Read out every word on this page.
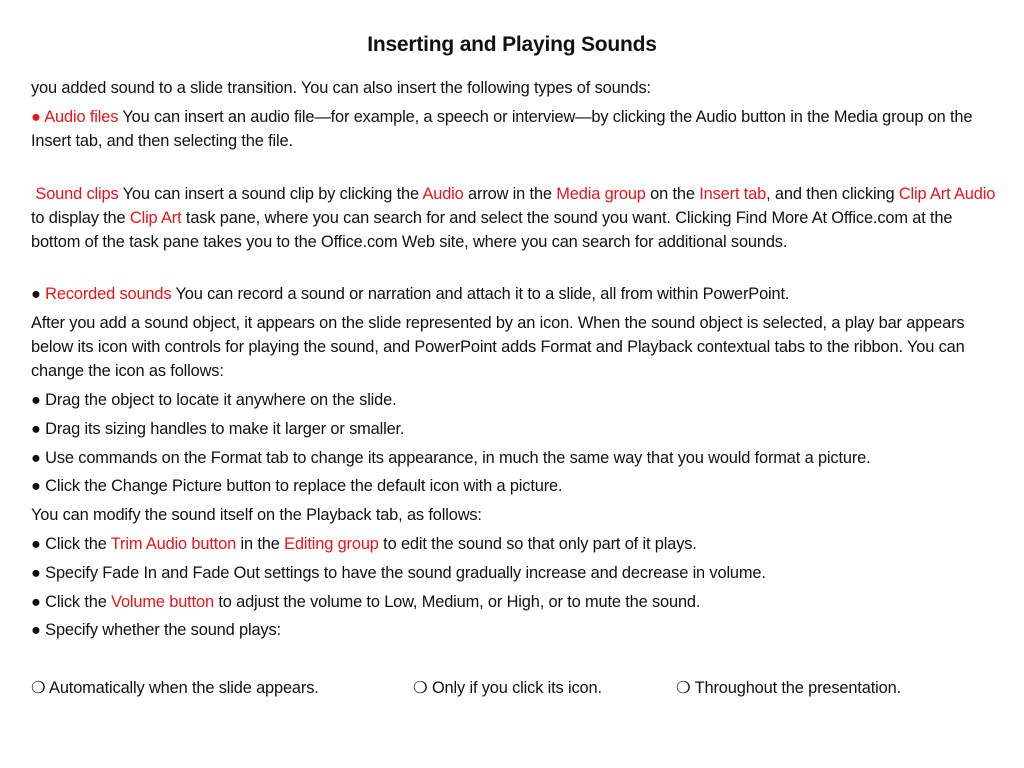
Inserting and Playing Sounds
you added sound to a slide transition. You can also insert the following types of sounds:
● Audio files You can insert an audio file—for example, a speech or interview—by clicking the Audio button in the Media group on the Insert tab, and then selecting the file.
Sound clips You can insert a sound clip by clicking the Audio arrow in the Media group on the Insert tab, and then clicking Clip Art Audio to display the Clip Art task pane, where you can search for and select the sound you want. Clicking Find More At Office.com at the bottom of the task pane takes you to the Office.com Web site, where you can search for additional sounds.
● Recorded sounds You can record a sound or narration and attach it to a slide, all from within PowerPoint.
After you add a sound object, it appears on the slide represented by an icon. When the sound object is selected, a play bar appears below its icon with controls for playing the sound, and PowerPoint adds Format and Playback contextual tabs to the ribbon. You can change the icon as follows:
● Drag the object to locate it anywhere on the slide.
● Drag its sizing handles to make it larger or smaller.
● Use commands on the Format tab to change its appearance, in much the same way that you would format a picture.
● Click the Change Picture button to replace the default icon with a picture.
You can modify the sound itself on the Playback tab, as follows:
● Click the Trim Audio button in the Editing group to edit the sound so that only part of it plays.
● Specify Fade In and Fade Out settings to have the sound gradually increase and decrease in volume.
● Click the Volume button to adjust the volume to Low, Medium, or High, or to mute the sound.
● Specify whether the sound plays:
❍ Automatically when the slide appears.	❍ Only if you click its icon.	❍ Throughout the presentation.
